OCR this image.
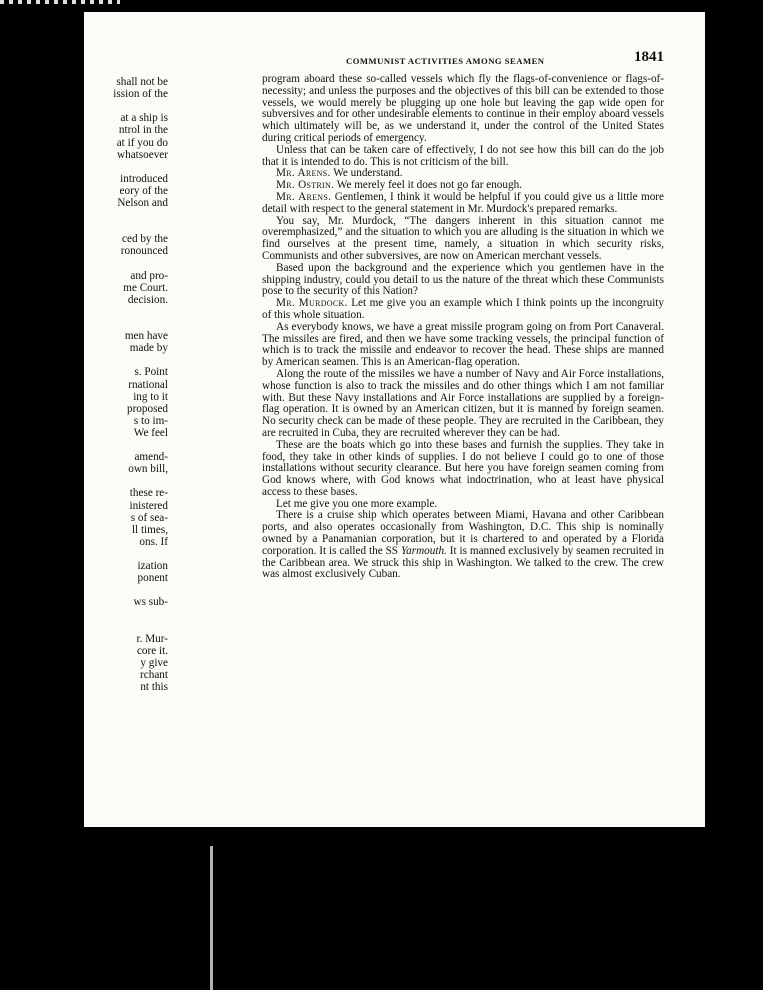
shall not be
ission of the
at a ship is
ntrol in the
at if you do
whatsoever
introduced
eory of the
Nelson and
ced by the
ronounced
and pro-
me Court.
decision.
men have
made by
s. Point
rnational
ing to it
proposed
s to im-
We feel
amend-
own bill,
these re-
inistered
s of sea-
ll times,
ons. If
ization
ponent
ws sub-
r. Mur-
core it.
y give
rchant
nt this
COMMUNIST ACTIVITIES AMONG SEAMEN	1841

program aboard these so-called vessels which fly the flags-of-convenience or flags-of-necessity; and unless the purposes and the objectives of this bill can be extended to those vessels, we would merely be plugging up one hole but leaving the gap wide open for subversives and for other undesirable elements to continue in their employ aboard vessels which ultimately will be, as we understand it, under the control of the United States during critical periods of emergency.

Unless that can be taken care of effectively, I do not see how this bill can do the job that it is intended to do. This is not criticism of the bill.

Mr. Arens. We understand.

Mr. Ostrin. We merely feel it does not go far enough.

Mr. Arens. Gentlemen, I think it would be helpful if you could give us a little more detail with respect to the general statement in Mr. Murdock's prepared remarks.

You say, Mr. Murdock, “The dangers inherent in this situation cannot me overemphasized,” and the situation to which you are alluding is the situation in which we find ourselves at the present time, namely, a situation in which security risks, Communists and other subversives, are now on American merchant vessels.

Based upon the background and the experience which you gentlemen have in the shipping industry, could you detail to us the nature of the threat which these Communists pose to the security of this Nation?

Mr. Murdock. Let me give you an example which I think points up the incongruity of this whole situation.

As everybody knows, we have a great missile program going on from Port Canaveral. The missiles are fired, and then we have some tracking vessels, the principal function of which is to track the missile and endeavor to recover the head. These ships are manned by American seamen. This is an American-flag operation.

Along the route of the missiles we have a number of Navy and Air Force installations, whose function is also to track the missiles and do other things which I am not familiar with. But these Navy installations and Air Force installations are supplied by a foreign-flag operation. It is owned by an American citizen, but it is manned by foreign seamen. No security check can be made of these people. They are recruited in the Caribbean, they are recruited in Cuba, they are recruited wherever they can be had.

These are the boats which go into these bases and furnish the supplies. They take in food, they take in other kinds of supplies. I do not believe I could go to one of those installations without security clearance. But here you have foreign seamen coming from God knows where, with God knows what indoctrination, who at least have physical access to these bases.

Let me give you one more example.

There is a cruise ship which operates between Miami, Havana and other Caribbean ports, and also operates occasionally from Washington, D.C. This ship is nominally owned by a Panamanian corporation, but it is chartered to and operated by a Florida corporation. It is called the SS Yarmouth. It is manned exclusively by seamen recruited in the Caribbean area. We struck this ship in Washington. We talked to the crew. The crew was almost exclusively Cuban.
